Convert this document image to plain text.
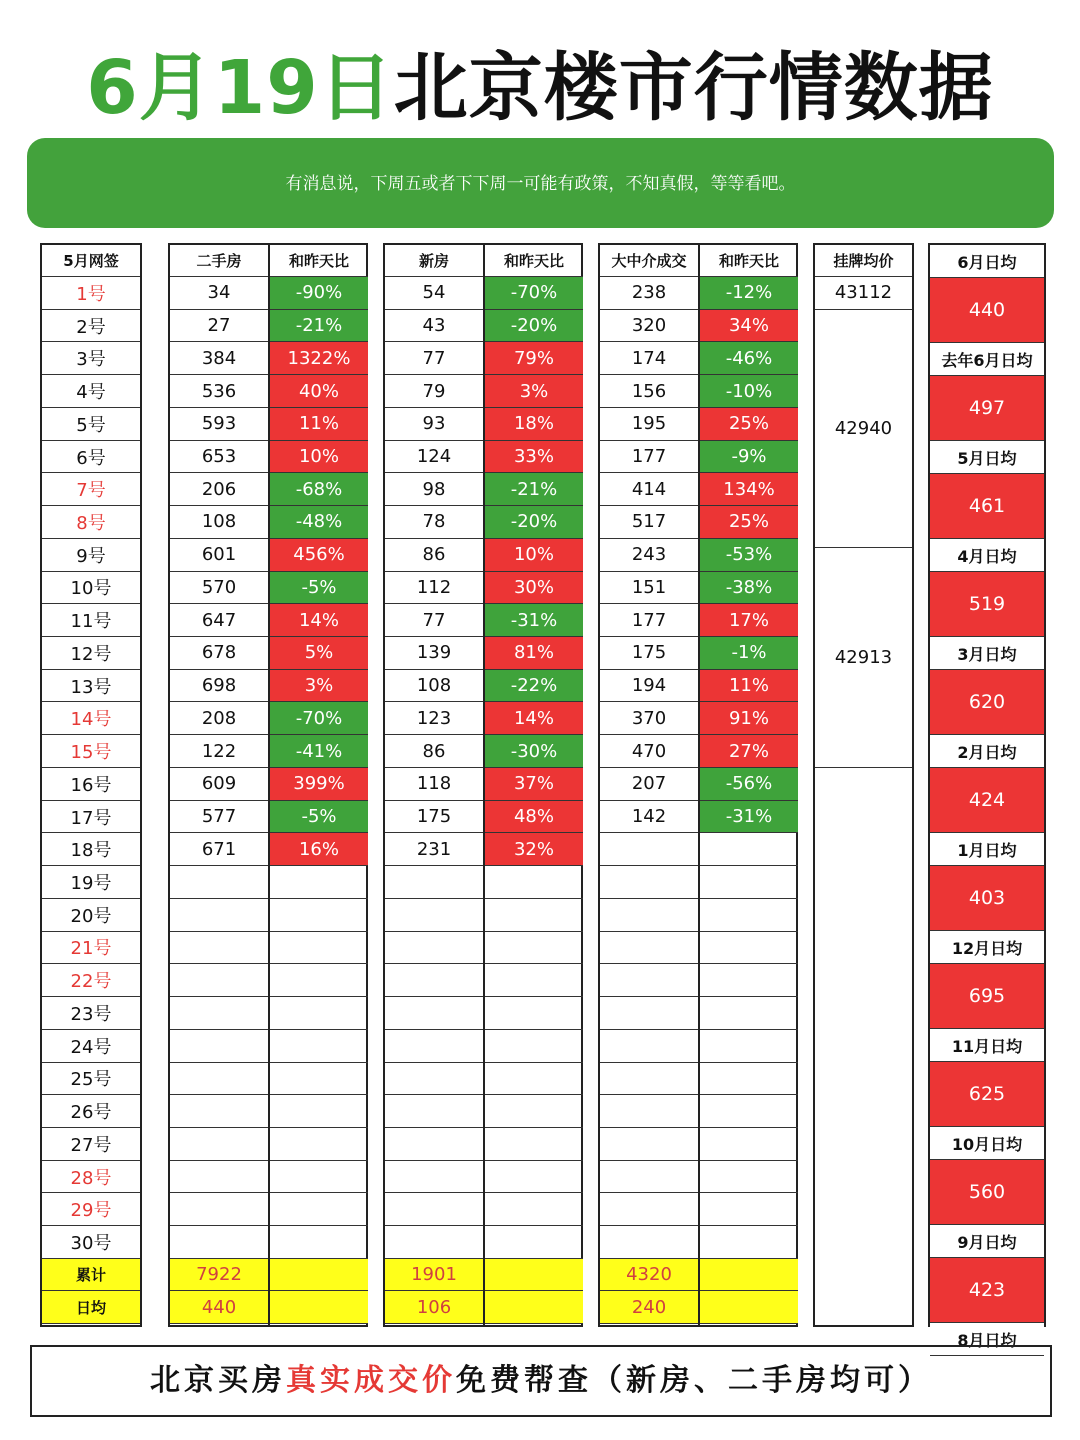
6月19日北京楼市行情数据
有消息说，下周五或者下下周一可能有政策，不知真假，等等看吧。
5月网签
1号
2号
3号
4号
5号
6号
7号
8号
9号
10号
11号
12号
13号
14号
15号
16号
17号
18号
19号
20号
21号
22号
23号
24号
25号
26号
27号
28号
29号
30号
累计
日均
二手房
34
27
384
536
593
653
206
108
601
570
647
678
698
208
122
609
577
671
7922
440
和昨天比
-90%
-21%
1322%
40%
11%
10%
-68%
-48%
456%
-5%
14%
5%
3%
-70%
-41%
399%
-5%
16%
新房
54
43
77
79
93
124
98
78
86
112
77
139
108
123
86
118
175
231
1901
106
和昨天比
-70%
-20%
79%
3%
18%
33%
-21%
-20%
10%
30%
-31%
81%
-22%
14%
-30%
37%
48%
32%
大中介成交
238
320
174
156
195
177
414
517
243
151
177
175
194
370
470
207
142
4320
240
和昨天比
-12%
34%
-46%
-10%
25%
-9%
134%
25%
-53%
-38%
17%
-1%
11%
91%
27%
-56%
-31%
挂牌均价
43112
42940
42913
6月日均
440
去年6月日均
497
5月日均
461
4月日均
519
3月日均
620
2月日均
424
1月日均
403
12月日均
695
11月日均
625
10月日均
560
9月日均
423
8月日均
北京买房真实成交价免费帮查（新房、二手房均可）
